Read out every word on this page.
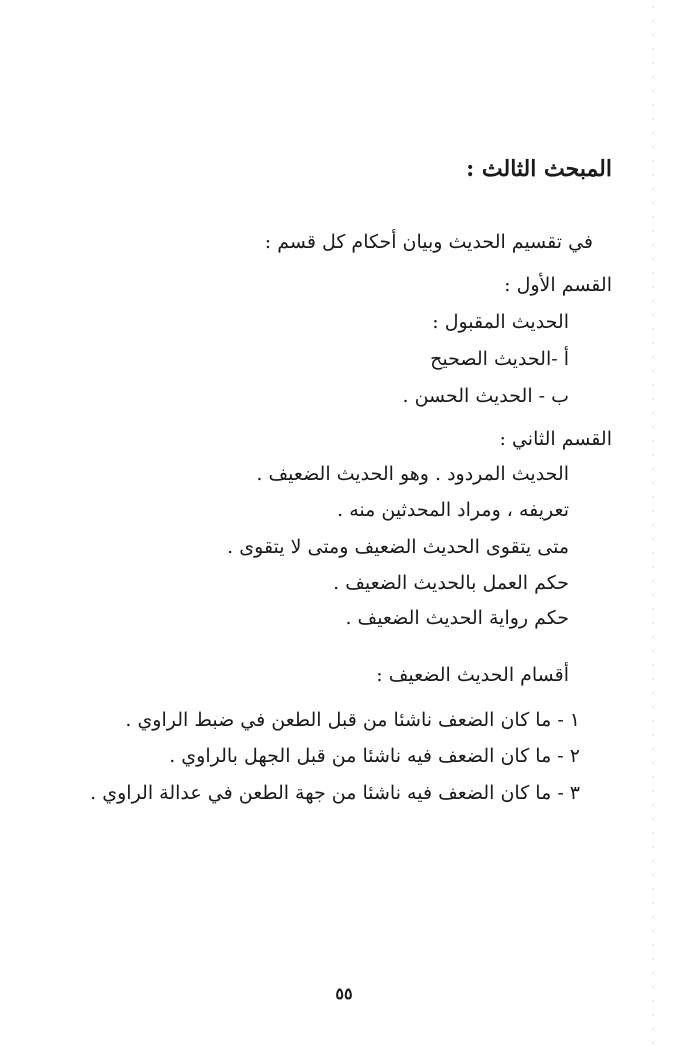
المبحث الثالث :
في تقسيم الحديث وبيان أحكام كل قسم :
القسم الأول :
الحديث المقبول :
أ -الحديث الصحيح
ب - الحديث الحسن .
القسم الثاني :
الحديث المردود . وهو الحديث الضعيف .
تعريفه ، ومراد المحدثين منه .
متى يتقوى الحديث الضعيف ومتى لا يتقوى .
حكم العمل بالحديث الضعيف .
حكم رواية الحديث الضعيف .
أقسام الحديث الضعيف :
١ - ما كان الضعف ناشئا من قبل الطعن في ضبط الراوي .
٢ - ما كان الضعف فيه ناشئا من قبل الجهل بالراوي .
٣ - ما كان الضعف فيه ناشئا من جهة الطعن في عدالة الراوي .
٥٥
